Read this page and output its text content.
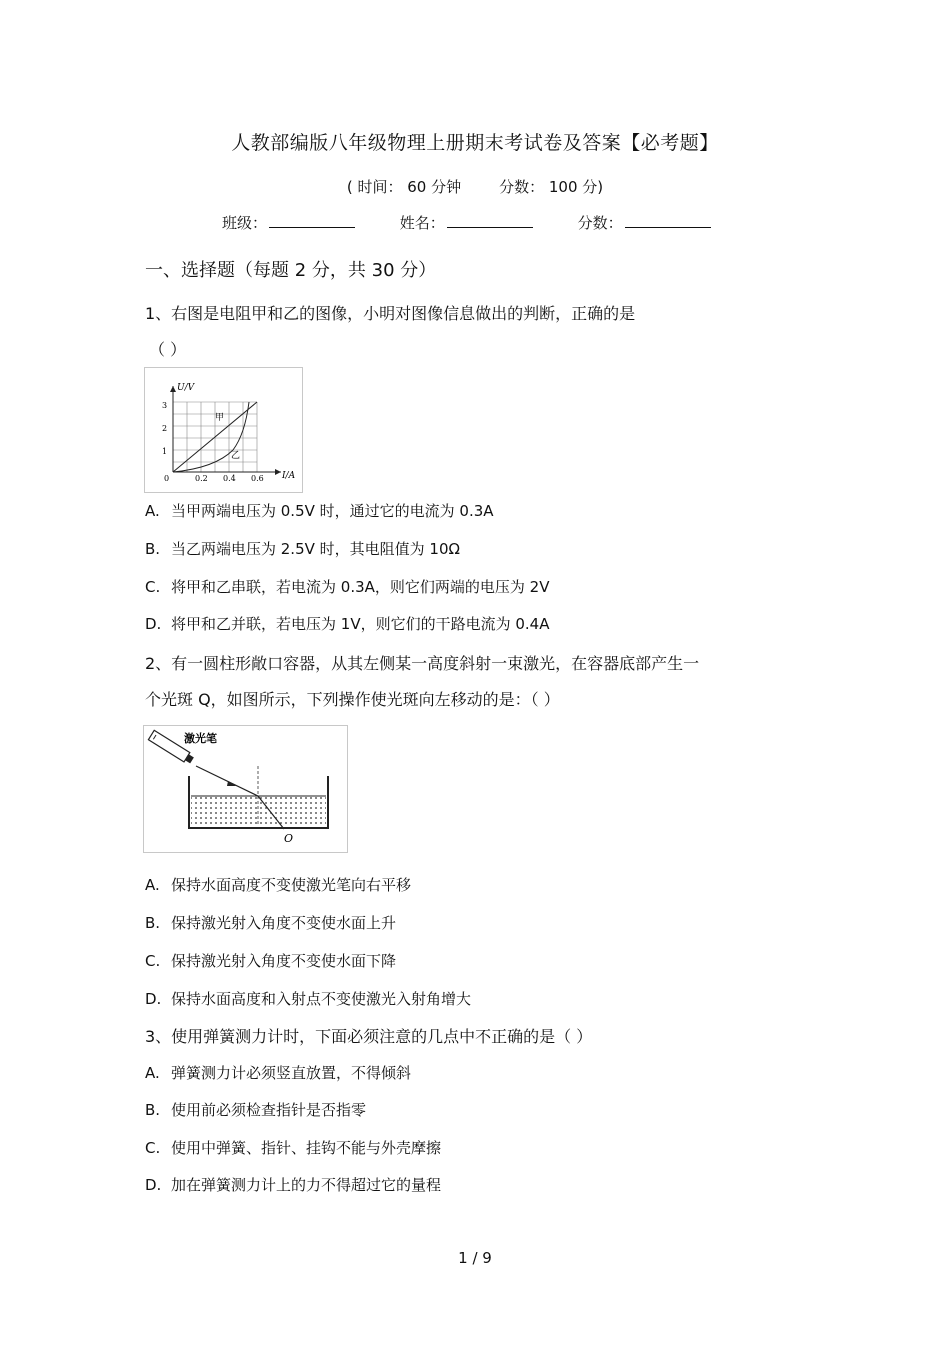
人教部编版八年级物理上册期末考试卷及答案【必考题】
( 时间： 60 分钟	分数： 100 分)
班级：	姓名：	分数：
一、选择题（每题 2 分，共 30 分）
1、右图是电阻甲和乙的图像，小明对图像信息做出的判断，正确的是
（ ）
U/V
I/A
3
2
1
0	0.2 0.4 0.6
甲
乙
A. 当甲两端电压为 0.5V 时，通过它的电流为 0.3A
B. 当乙两端电压为 2.5V 时，其电阻值为 10Ω
C. 将甲和乙串联，若电流为 0.3A，则它们两端的电压为 2V
D. 将甲和乙并联，若电压为 1V，则它们的干路电流为 0.4A
2、有一圆柱形敞口容器，从其左侧某一高度斜射一束激光，在容器底部产生一
个光斑 Q，如图所示，下列操作使光斑向左移动的是：（ ）
激光笔
O
A. 保持水面高度不变使激光笔向右平移
B. 保持激光射入角度不变使水面上升
C. 保持激光射入角度不变使水面下降
D. 保持水面高度和入射点不变使激光入射角增大
3、使用弹簧测力计时，下面必须注意的几点中不正确的是（ ）
A. 弹簧测力计必须竖直放置，不得倾斜
B. 使用前必须检查指针是否指零
C. 使用中弹簧、指针、挂钩不能与外壳摩擦
D. 加在弹簧测力计上的力不得超过它的量程
1 / 9
